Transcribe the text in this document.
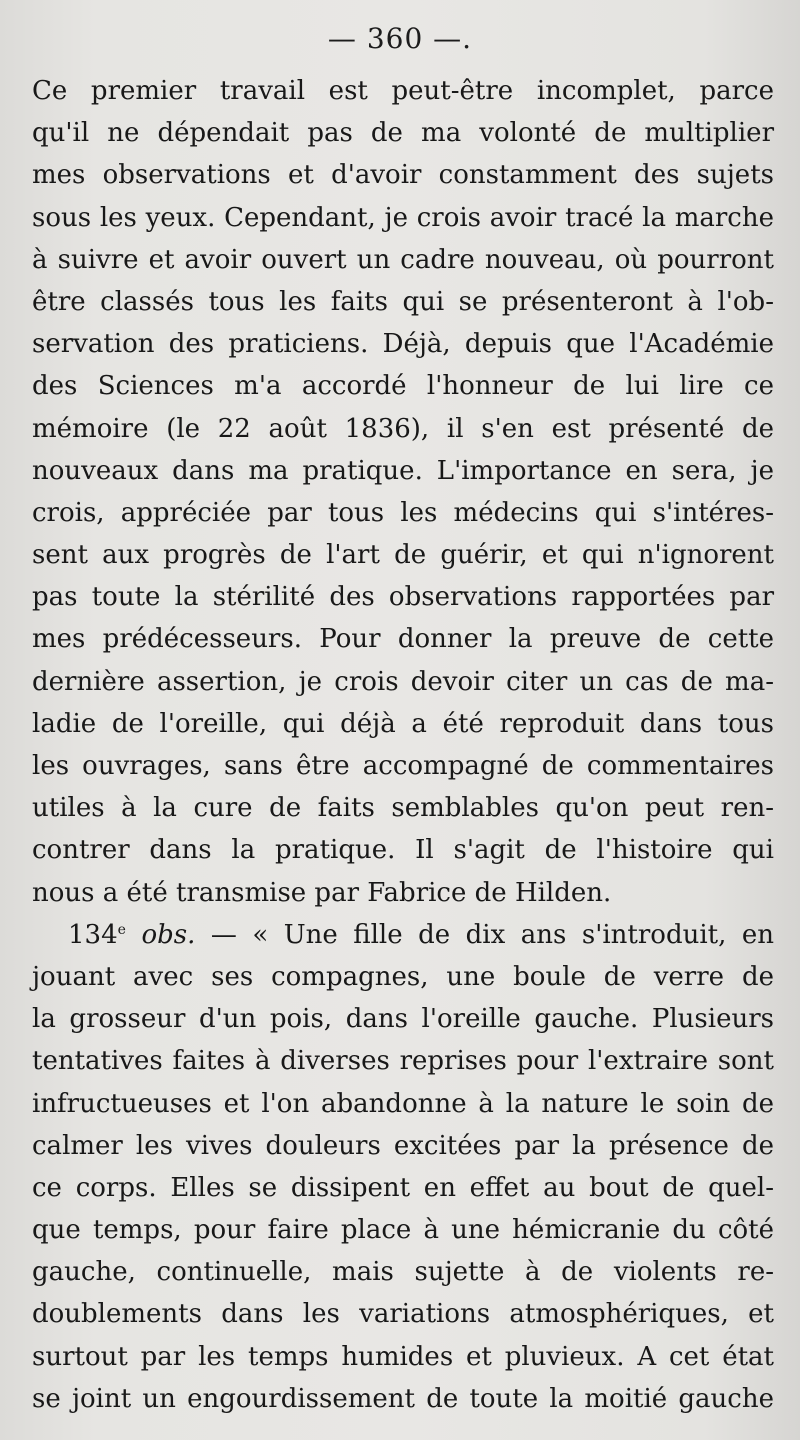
— 360 —.
Ce premier travail est peut-être incomplet, parce
qu'il ne dépendait pas de ma volonté de multiplier
mes observations et d'avoir constamment des sujets
sous les yeux. Cependant, je crois avoir tracé la marche
à suivre et avoir ouvert un cadre nouveau, où pourront
être classés tous les faits qui se présenteront à l'ob-
servation des praticiens. Déjà, depuis que l'Académie
des Sciences m'a accordé l'honneur de lui lire ce
mémoire (le 22 août 1836), il s'en est présenté de
nouveaux dans ma pratique. L'importance en sera, je
crois, appréciée par tous les médecins qui s'intéres-
sent aux progrès de l'art de guérir, et qui n'ignorent
pas toute la stérilité des observations rapportées par
mes prédécesseurs. Pour donner la preuve de cette
dernière assertion, je crois devoir citer un cas de ma-
ladie de l'oreille, qui déjà a été reproduit dans tous
les ouvrages, sans être accompagné de commentaires
utiles à la cure de faits semblables qu'on peut ren-
contrer dans la pratique. Il s'agit de l'histoire qui
nous a été transmise par Fabrice de Hilden.
134e obs. — « Une fille de dix ans s'introduit, en
jouant avec ses compagnes, une boule de verre de
la grosseur d'un pois, dans l'oreille gauche. Plusieurs
tentatives faites à diverses reprises pour l'extraire sont
infructueuses et l'on abandonne à la nature le soin de
calmer les vives douleurs excitées par la présence de
ce corps. Elles se dissipent en effet au bout de quel-
que temps, pour faire place à une hémicranie du côté
gauche, continuelle, mais sujette à de violents re-
doublements dans les variations atmosphériques, et
surtout par les temps humides et pluvieux. A cet état
se joint un engourdissement de toute la moitié gauche
